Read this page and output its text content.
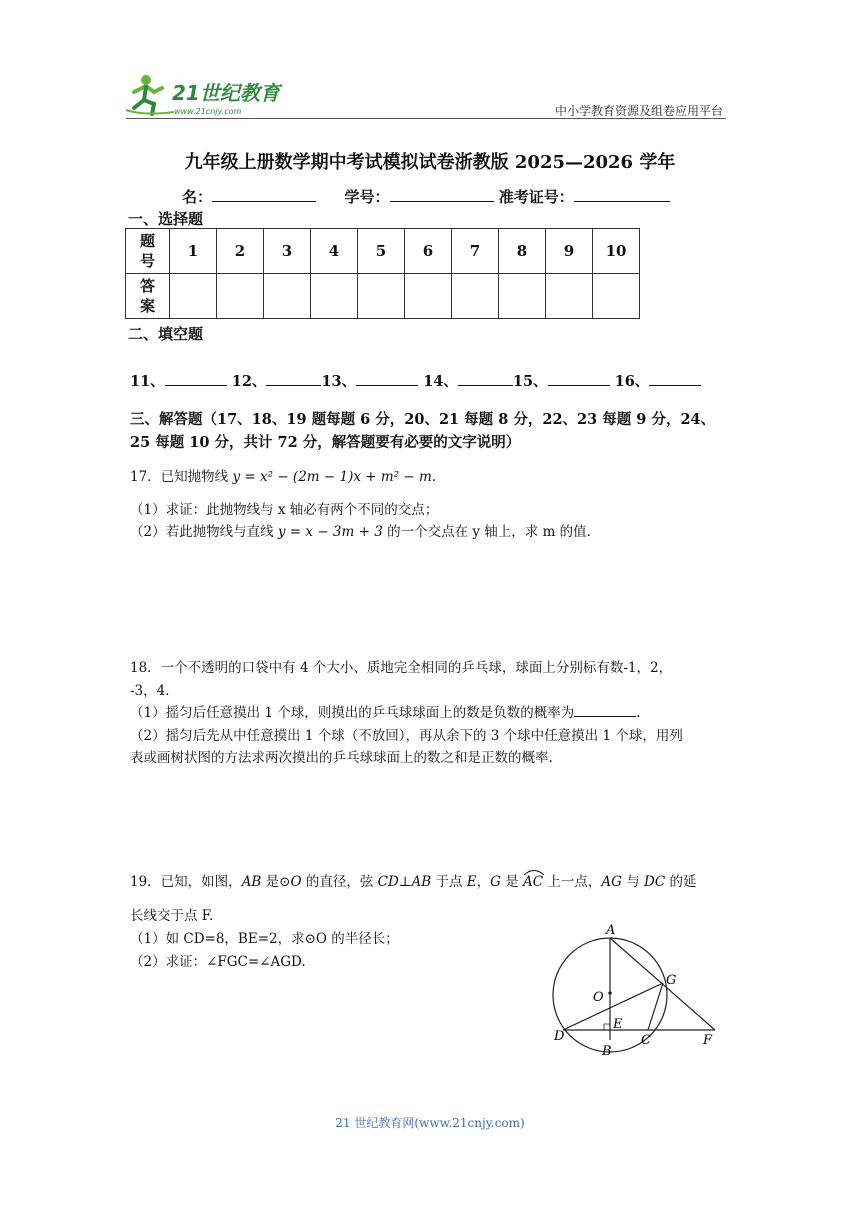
21世纪教育
www.21cnjy.com	中小学教育资源及组卷应用平台
九年级上册数学期中考试模拟试卷浙教版 2025—2026 学年
名：	学号：	准考证号：
一、选择题
题
号	1	2	3	4	5	6	7	8	9	10
答
案										
二、填空题
11、	12、	13、	14、	15、	16、
三、解答题（17、18、19 题每题 6 分，20、21 每题 8 分，22、23 每题 9 分，24、
25 每题 10 分，共计 72 分，解答题要有必要的文字说明）
17．已知抛物线 y = x² − (2m − 1)x + m² − m.
（1）求证：此抛物线与 x 轴必有两个不同的交点；
（2）若此抛物线与直线 y = x − 3m + 3 的一个交点在 y 轴上，求 m 的值.
18．一个不透明的口袋中有 4 个大小、质地完全相同的乒乓球，球面上分别标有数-1，2，
-3，4．
（1）摇匀后任意摸出 1 个球，则摸出的乒乓球球面上的数是负数的概率为	.
（2）摇匀后先从中任意摸出 1 个球（不放回），再从余下的 3 个球中任意摸出 1 个球，用列
表或画树状图的方法求两次摸出的乒乓球球面上的数之和是正数的概率.
19．已知，如图，AB 是⊙O 的直径，弦 CD⊥AB 于点 E，G 是
AC 上一点，AG 与 DC 的延
长线交于点 F.
（1）如 CD=8，BE=2，求⊙O 的半径长；
（2）求证：∠FGC=∠AGD.
A
B
C
D
E
F
G
O
21 世纪教育网(www.21cnjy.com)
